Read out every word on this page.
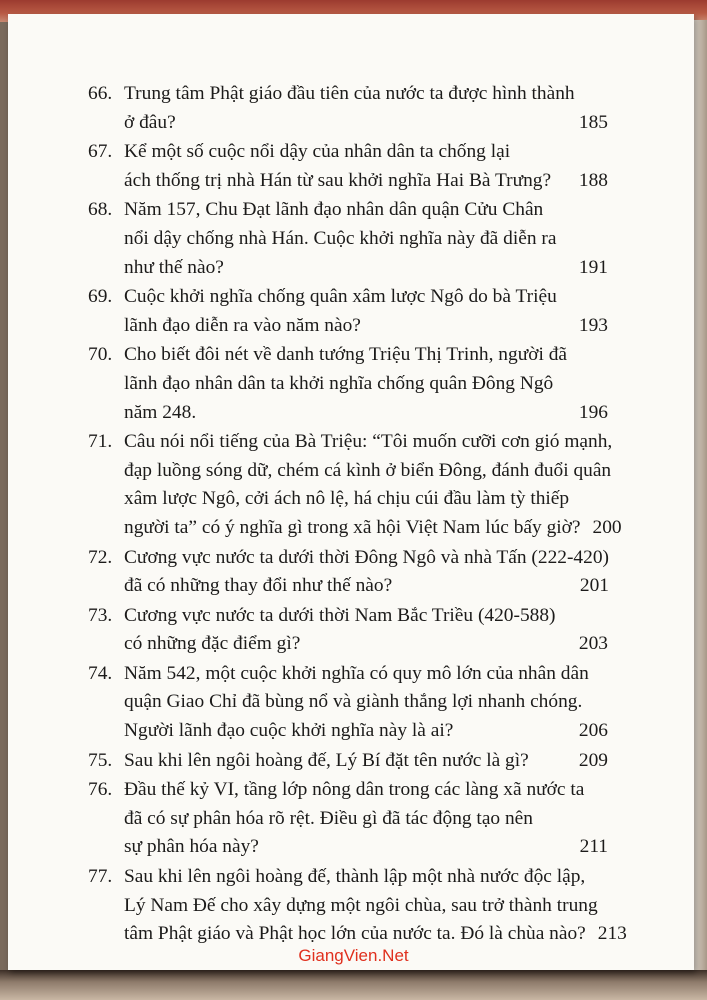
66. Trung tâm Phật giáo đầu tiên của nước ta được hình thành
ở đâu?	185
67. Kể một số cuộc nổi dậy của nhân dân ta chống lại
ách thống trị nhà Hán từ sau khởi nghĩa Hai Bà Trưng? 188
68. Năm 157, Chu Đạt lãnh đạo nhân dân quận Cửu Chân
nổi dậy chống nhà Hán. Cuộc khởi nghĩa này đã diễn ra
như thế nào?	191
69. Cuộc khởi nghĩa chống quân xâm lược Ngô do bà Triệu
lãnh đạo diễn ra vào năm nào?	193
70. Cho biết đôi nét về danh tướng Triệu Thị Trinh, người đã
lãnh đạo nhân dân ta khởi nghĩa chống quân Đông Ngô
năm 248.	196
71. Câu nói nổi tiếng của Bà Triệu: “Tôi muốn cưỡi cơn gió mạnh,
đạp luồng sóng dữ, chém cá kình ở biển Đông, đánh đuổi quân
xâm lược Ngô, cởi ách nô lệ, há chịu cúi đầu làm tỳ thiếp
người ta” có ý nghĩa gì trong xã hội Việt Nam lúc bấy giờ? 200
72. Cương vực nước ta dưới thời Đông Ngô và nhà Tấn (222-420)
đã có những thay đổi như thế nào?	201
73. Cương vực nước ta dưới thời Nam Bắc Triều (420-588)
có những đặc điểm gì?	203
74. Năm 542, một cuộc khởi nghĩa có quy mô lớn của nhân dân
quận Giao Chỉ đã bùng nổ và giành thắng lợi nhanh chóng.
Người lãnh đạo cuộc khởi nghĩa này là ai?	206
75. Sau khi lên ngôi hoàng đế, Lý Bí đặt tên nước là gì?	209
76. Đầu thế kỷ VI, tầng lớp nông dân trong các làng xã nước ta
đã có sự phân hóa rõ rệt. Điều gì đã tác động tạo nên
sự phân hóa này?	211
77. Sau khi lên ngôi hoàng đế, thành lập một nhà nước độc lập,
Lý Nam Đế cho xây dựng một ngôi chùa, sau trở thành trung
tâm Phật giáo và Phật học lớn của nước ta. Đó là chùa nào? 213
GiangVien.Net
